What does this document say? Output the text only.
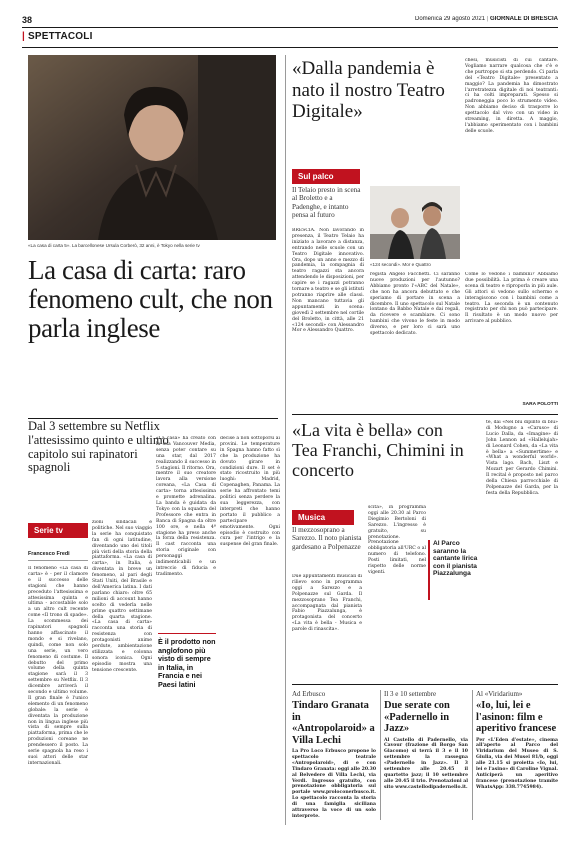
38	Domenica 29 agosto 2021 | GIORNALE DI BRESCIA
| SPETTACOLI
«La casa di carta 5». La barcellonese Ursula Corberò, 32 anni, è Tokyo nella serie tv
La casa di carta: raro fenomeno cult, che non parla inglese
Dal 3 settembre su Netflix l'attesissimo quinto e ultimo capitolo sui rapinatori spagnoli
Serie tv
Francesco Fredi
Il fenomeno «La casa di carta» è - per il clamore e il successo delle stagioni che hanno preceduto l'attesissima e attesissima quinta e ultima - accostabile solo a un altro cult recente come «Il trono di spade». La scommessa dei rapinatori spagnoli hanno affascinato il mondo e si rivelano, quindi, come non solo una serie, un vero fenomeno di costume. Il debutto del primo volume della quinta stagione sarà il 3 settembre su Netflix. Il 3 dicembre arriverà il secondo e ultimo volume. Il gran finale è l'unico elemento di un fenomeno globale: la serie è diventata la produzione non in lingua inglese più vista di sempre sulla piattaforma, prima che le produzioni coreane ne prendessero il posto. La serie spagnola ha reso i suoi attori delle star internazionali.
zioni sindacali e politiche. Nel suo viaggio la serie ha conquistato fan di ogni latitudine, diventando uno dei titoli più visti della storia della piattaforma. «La casa di carta», in Italia, è diventata in breve un fenomeno, al pari degli Stati Uniti, del Brasile e dell'America latina. I dati parlano chiaro: oltre 65 milioni di account hanno scelto di vederla nelle prime quattro settimane della quarta stagione. «La casa di carta» racconta una storia di resistenza con protagonisti anime perdute, ambientazione stilizzata e colonna sonora iconica. Ogni episodio mostra una tensione crescente.
«La casa» ha creato con la sua Vancouver Media, senza poter contare su una star, dal 2017 realizzando il successo in 5 stagioni. Il ritorno. Ora, mentre il suo creatore lavora alla versione coreana, «La Casa di carta» torna attesissima e promette adrenalina. La banda è guidata da Tokyo con la squadra del Professore che entra in Banca di Spagna da oltre 100 ore, e nella 4ª stagione ha preso anche la forza della resistenza. Il cast racconta una storia originale con personaggi indimenticabili e un intreccio di fiducia e tradimento.
decise a non sottoporsi ai provini. Le temperature in Spagna hanno fatto sì che la produzione ha dovuto girare in condizioni dure. Il set è stato ricostruito in più luoghi: Madrid, Copenaghen, Panama. La serie ha affrontato temi politici senza perdere la sua leggerezza, con interpreti che hanno portato il pubblico a partecipare emotivamente. Ogni episodio è costruito con cura per l'intrigo e la suspense del gran finale.
È il prodotto non anglofono più visto di sempre in Italia, in Francia e nei Paesi latini
«Dalla pandemia è nato il nostro Teatro Digitale»
Sul palco
Il Telaio presto in scena al Broletto e a Padenghe, e intanto pensa al futuro
«124 secondi». Mor e Quattro
BRESCIA. Non lavorando in presenza, il Teatro Telaio ha iniziato a lavorare a distanza, entrando nelle scuole con un Teatro Digitale innovativo. Ora, dopo un anno e mezzo di pandemia, la compagnia di teatro ragazzi sta ancora attendendo le disposizioni, per capire se i ragazzi potranno tornare a teatro e se gli istituti potranno riaprire alle classi. Non mancano tuttavia gli appuntamenti in scena: giovedì 2 settembre nel cortile del Broletto, in città, alle 21 «124 secondi» con Alessandro Mor e Alessandro Quattro.
regista Angelo Facchetti. Ci saranno nuove produzioni per l'autunno? Abbiamo pronto l'«ABC del Natale», che non ha ancora debuttato e che speriamo di portare in scena a dicembre. Il uno spettacolo sul Natale lontano da Babbo Natale e dai regali, da ricevere e scambiare. Ci sono bambini che vivono le feste in modo diverso, e per loro ci sarà uno spettacolo dedicato.
chesi, musicisti di cui cantare. Vogliamo narrare qualcosa che c'è e che purtroppo si sta perdendo. Ci parla del «Teatro Digitale» presentato a maggio? La pandemia ha dimostrato l'arretratezza digitale di noi teatranti: ci ha colti impreparati. Spesso si padroneggia poco lo strumento video. Non abbiamo deciso di trasporre lo spettacolo dal vivo con un video in streaming, in diretta. A maggio, l'abbiamo sperimentato con i bambini delle scuole.
Come lo vedono i bambini? Abbiamo due possibilità. La prima è creare una scena di teatro e riproporla in più aule. Gli attori si vedono sullo schermo e interagiscono con i bambini come a teatro. La seconda è un contenuto registrato per chi non può partecipare. Il risultato è un modo nuovo per arrivare al pubblico.
SARA POLOTTI
«La vita è bella» con Tea Franchi, Chimini in concerto
Musica
Il mezzosoprano a Sarezzo. Il noto pianista gardesano a Polpenazze
Due appuntamenti musicali di rilievo sono in programma oggi a Sarezzo e a Polpenazze sul Garda. Il mezzosoprano Tea Franchi, accompagnata dal pianista Fabio Piazzalunga, è protagonista del concerto «La vita è bella - Musica e parole di rinascita».
scita», in programma oggi alle 20.30 al Parco Diegimio Bertoloni di Sarezzo. L'ingresso è gratuito, su prenotazione. Prenotazione obbligatoria all'URC o al numero di telefono. Posti limitati, nel rispetto delle norme vigenti.
Al Parco saranno la cantante lirica con il pianista Piazzalunga
te, dai «Nel blu dipinto di blu» di Modugno a «Caruso» di Lucio Dalla, da «Imagine» di John Lennon ad «Hallelujah» di Leonard Cohen, da «La vita è bella» a «Summertime» e «What a wonderful world». Vista lago. Bach, Liszt e Mozart per Gerardo Chimini. Il recital è proposto nel parco della Chiesa parrocchiale di Polpenazze del Garda, per la festa della Repubblica.
Ad Erbusco
Tindaro Granata in «Antropolaroid» a Villa Lechi
La Pro Loco Erbusco propone lo spettacolo teatrale «Antropolaroid», di e con Tindaro Granata: oggi alle 20.30 al Belvedere di Villa Lechi, via Verdi. Ingresso gratuito, con prenotazione obbligatoria sul portale www.proloconerbusco.it. Lo spettacolo racconta la storia di una famiglia siciliana attraverso la voce di un solo interprete.
Il 3 e 10 settembre
Due serate con «Padernello in Jazz»
Al Castello di Padernello, via Cavour (frazione di Borgo San Giacomo) si terrà il 3 e il 10 settembre la rassegna «Padernello in Jazz». Il 3 settembre alle 20.45 il quartetto jazz; il 10 settembre alle 20.45 il trio. Prenotazioni al sito www.castellodipadernello.it.
Al «Viridarium»
«Io, lui, lei e l'asinon: film e aperitivo francese
Per «L'Eden d'estate», cinema all'aperto al Parco del Viridarium del Museo di S. Giulia, via dei Musei 81/b, oggi alle 21.15 si proietta «Io, lui, lei e l'asino» di Caroline Vignal. Anticiperà un aperitivo francese (prenotazione tramite WhatsApp: 338.7745984).
